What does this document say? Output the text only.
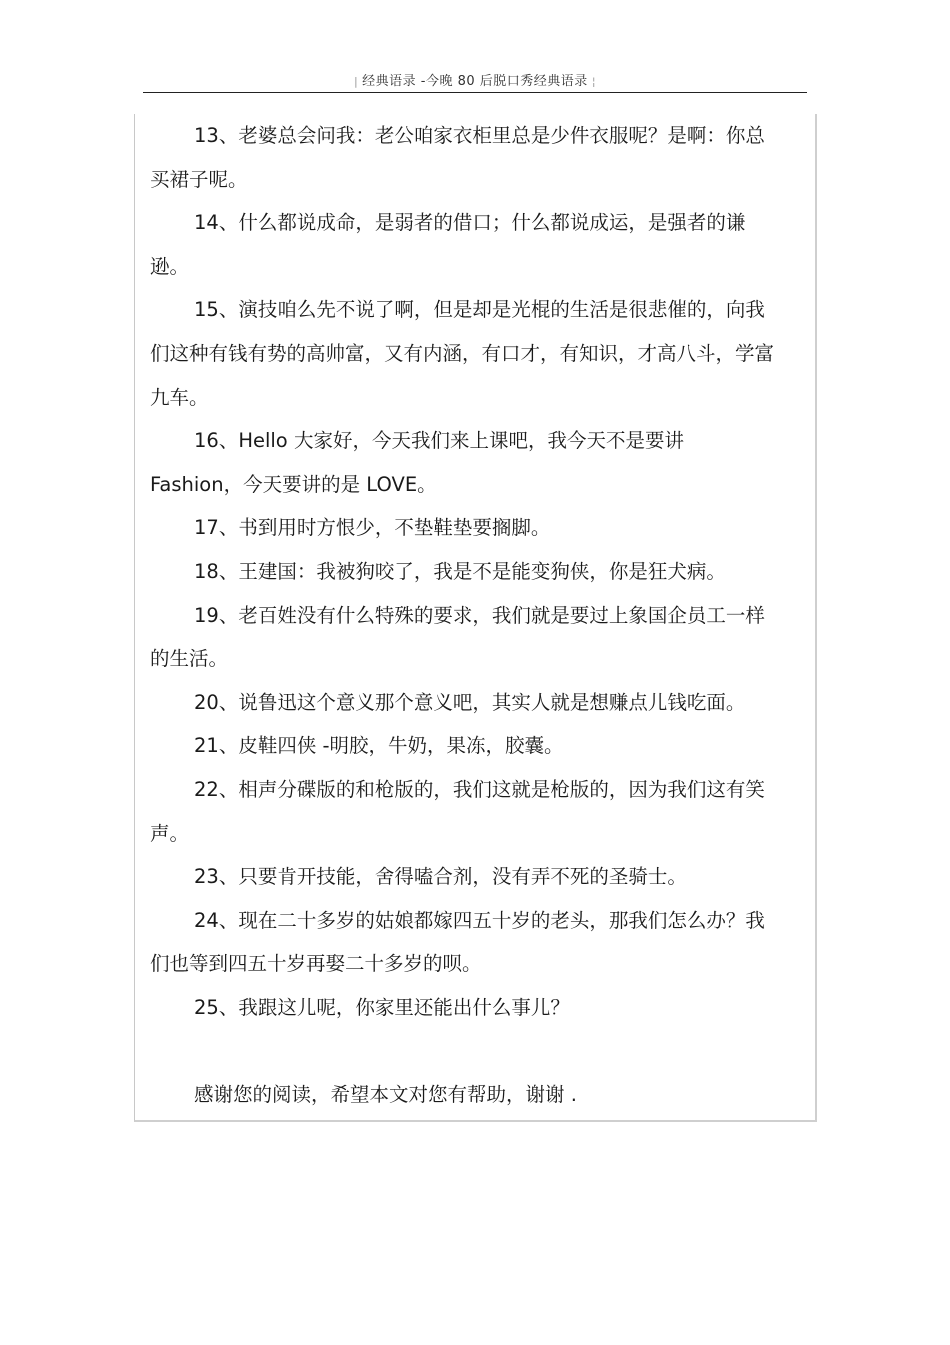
| 经典语录 -今晚 80 后脱口秀经典语录 ¦

13、老婆总会问我：老公咱家衣柜里总是少件衣服呢？是啊：你总买裙子呢。

14、什么都说成命，是弱者的借口；什么都说成运，是强者的谦逊。

15、演技咱么先不说了啊，但是却是光棍的生活是很悲催的，向我们这种有钱有势的高帅富，又有内涵，有口才，有知识，才高八斗，学富九车。

16、Hello 大家好，今天我们来上课吧，我今天不是要讲 Fashion，今天要讲的是 LOVE。

17、书到用时方恨少，不垫鞋垫要搁脚。

18、王建国：我被狗咬了，我是不是能变狗侠，你是狂犬病。

19、老百姓没有什么特殊的要求，我们就是要过上象国企员工一样的生活。

20、说鲁迅这个意义那个意义吧，其实人就是想赚点儿钱吃面。

21、皮鞋四侠 -明胶，牛奶，果冻，胶囊。

22、相声分碟版的和枪版的，我们这就是枪版的，因为我们这有笑声。

23、只要肯开技能，舍得嗑合剂，没有弄不死的圣骑士。

24、现在二十多岁的姑娘都嫁四五十岁的老头，那我们怎么办？我们也等到四五十岁再娶二十多岁的呗。

25、我跟这儿呢，你家里还能出什么事儿？

感谢您的阅读，希望本文对您有帮助，谢谢 .
